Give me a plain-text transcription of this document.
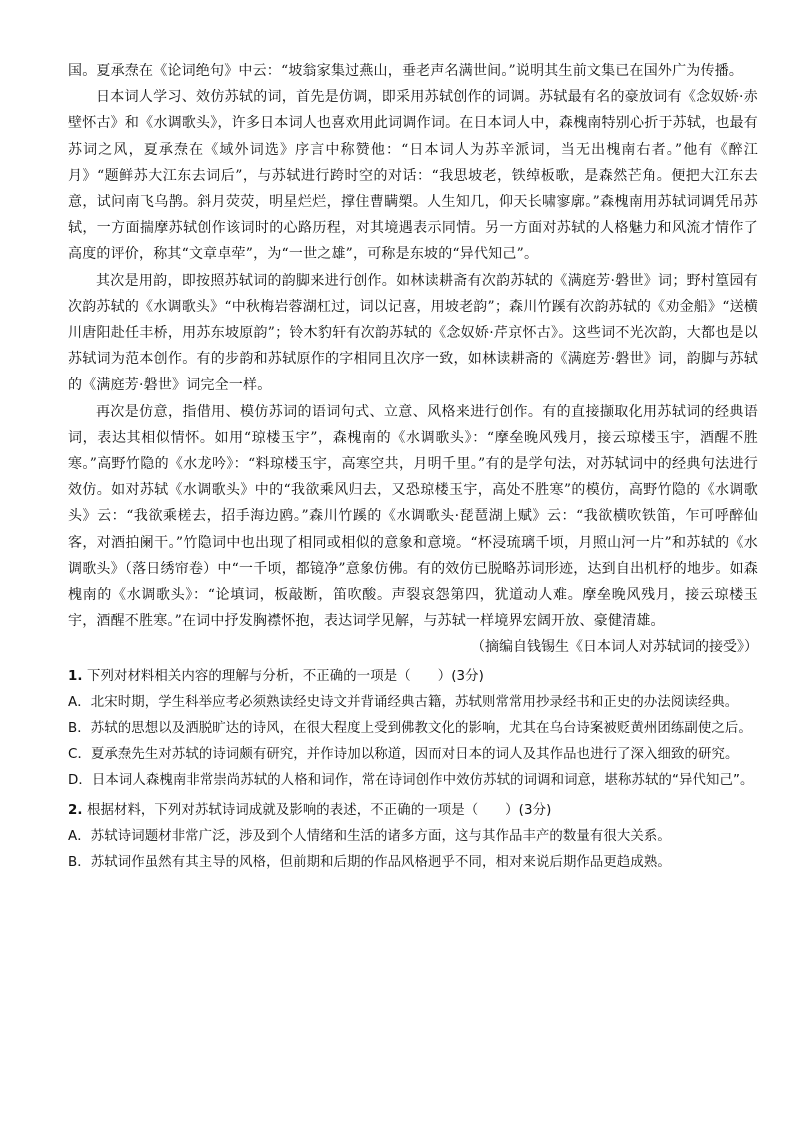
国。夏承焘在《论词绝句》中云：“坡翁家集过燕山，垂老声名满世间。”说明其生前文集已在国外广为传播。

日本词人学习、效仿苏轼的词，首先是仿调，即采用苏轼创作的词调。苏轼最有名的豪放词有《念奴娇·赤壁怀古》和《水调歌头》，许多日本词人也喜欢用此词调作词。在日本词人中，森槐南特别心折于苏轼，也最有苏词之风，夏承焘在《域外词选》序言中称赞他：“日本词人为苏辛派词，当无出槐南右者。”他有《醉江月》“题鲜苏大江东去词后”，与苏轼进行跨时空的对话：“我思坡老，铁绰板歌，是森然芒角。便把大江东去意，试问南飞乌鹊。斜月荧荧，明星烂烂，撑住曹瞒槊。人生知几，仰天长啸寥廓。”森槐南用苏轼词调凭吊苏轼，一方面揣摩苏轼创作该词时的心路历程，对其境遇表示同情。另一方面对苏轼的人格魅力和风流才情作了高度的评价，称其“文章卓荦”，为“一世之雄”，可称是东坡的“异代知己”。

其次是用韵，即按照苏轼词的韵脚来进行创作。如林读耕斋有次韵苏轼的《满庭芳·磐世》词；野村篁园有次韵苏轼的《水调歌头》“中秋梅岩蓉湖杠过，词以记喜，用坡老韵”；森川竹蹊有次韵苏轼的《劝金船》“送横川唐阳赴任丰桥，用苏东坡原韵”；铃木豹轩有次韵苏轼的《念奴娇·芹京怀古》。这些词不光次韵，大都也是以苏轼词为范本创作。有的步韵和苏轼原作的字相同且次序一致，如林读耕斋的《满庭芳·磐世》词，韵脚与苏轼的《满庭芳·磐世》词完全一样。

再次是仿意，指借用、模仿苏词的语词句式、立意、风格来进行创作。有的直接撷取化用苏轼词的经典语词，表达其相似情怀。如用“琼楼玉宇”，森槐南的《水调歌头》：“摩垒晚风残月，接云琼楼玉宇，酒醒不胜寒。”高野竹隐的《水龙吟》：“料琼楼玉宇，高寒空共，月明千里。”有的是学句法，对苏轼词中的经典句法进行效仿。如对苏轼《水调歌头》中的“我欲乘风归去，又恐琼楼玉宇，高处不胜寒”的模仿，高野竹隐的《水调歌头》云：“我欲乘槎去，招手海边鸥。”森川竹蹊的《水调歌头·琵琶湖上赋》云：“我欲横吹铁笛，乍可呼醉仙客，对酒拍阑干。”竹隐词中也出现了相同或相似的意象和意境。“杯浸琉璃千顷，月照山河一片”和苏轼的《水调歌头》（落日绣帘卷）中“一千顷，都镜净”意象仿佛。有的效仿已脱略苏词形迹，达到自出机杼的地步。如森槐南的《水调歌头》：“论填词，板敲断，笛吹酸。声裂哀怨第四，犹道动人难。摩垒晚风残月，接云琼楼玉宇，酒醒不胜寒。”在词中抒发胸襟怀抱，表达词学见解，与苏轼一样境界宏阔开放、豪健清雄。

（摘编自钱锡生《日本词人对苏轼词的接受》）

1. 下列对材料相关内容的理解与分析，不正确的一项是（　　）(3分)

A．北宋时期，学生科举应考必须熟读经史诗文并背诵经典古籍，苏轼则常常用抄录经书和正史的办法阅读经典。

B．苏轼的思想以及洒脱旷达的诗风，在很大程度上受到佛教文化的影响，尤其在乌台诗案被贬黄州团练副使之后。

C．夏承焘先生对苏轼的诗词颇有研究，并作诗加以称道，因而对日本的词人及其作品也进行了深入细致的研究。

D．日本词人森槐南非常崇尚苏轼的人格和词作，常在诗词创作中效仿苏轼的词调和词意，堪称苏轼的“异代知己”。

2. 根据材料，下列对苏轼诗词成就及影响的表述，不正确的一项是（　　）(3分)

A．苏轼诗词题材非常广泛，涉及到个人情绪和生活的诸多方面，这与其作品丰产的数量有很大关系。

B．苏轼词作虽然有其主导的风格，但前期和后期的作品风格迥乎不同，相对来说后期作品更趋成熟。
